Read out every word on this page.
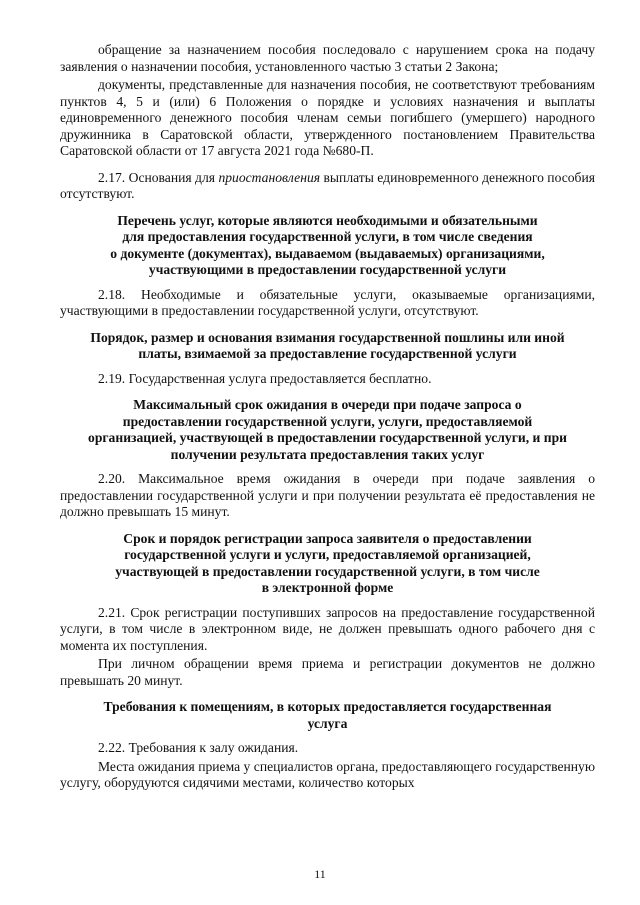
обращение за назначением пособия последовало с нарушением срока на подачу заявления о назначении пособия, установленного частью 3 статьи 2 Закона;

документы, представленные для назначения пособия, не соответствуют требованиям пунктов 4, 5 и (или) 6 Положения о порядке и условиях назначения и выплаты единовременного денежного пособия членам семьи погибшего (умершего) народного дружинника в Саратовской области, утвержденного постановлением Правительства Саратовской области от 17 августа 2021 года №680-П.

2.17. Основания для приостановления выплаты единовременного денежного пособия отсутствуют.

Перечень услуг, которые являются необходимыми и обязательными
для предоставления государственной услуги, в том числе сведения
о документе (документах), выдаваемом (выдаваемых) организациями,
участвующими в предоставлении государственной услуги

2.18. Необходимые и обязательные услуги, оказываемые организациями, участвующими в предоставлении государственной услуги, отсутствуют.

Порядок, размер и основания взимания государственной пошлины или иной
платы, взимаемой за предоставление государственной услуги

2.19. Государственная услуга предоставляется бесплатно.

Максимальный срок ожидания в очереди при подаче запроса о
предоставлении государственной услуги, услуги, предоставляемой
организацией, участвующей в предоставлении государственной услуги, и при
получении результата предоставления таких услуг

2.20. Максимальное время ожидания в очереди при подаче заявления о предоставлении государственной услуги и при получении результата её предоставления не должно превышать 15 минут.

Срок и порядок регистрации запроса заявителя о предоставлении
государственной услуги и услуги, предоставляемой организацией,
участвующей в предоставлении государственной услуги, в том числе
в электронной форме

2.21. Срок регистрации поступивших запросов на предоставление государственной услуги, в том числе в электронном виде, не должен превышать одного рабочего дня с момента их поступления.

При личном обращении время приема и регистрации документов не должно превышать 20 минут.

Требования к помещениям, в которых предоставляется государственная
услуга

2.22. Требования к залу ожидания.

Места ожидания приема у специалистов органа, предоставляющего государственную услугу, оборудуются сидячими местами, количество которых

11
